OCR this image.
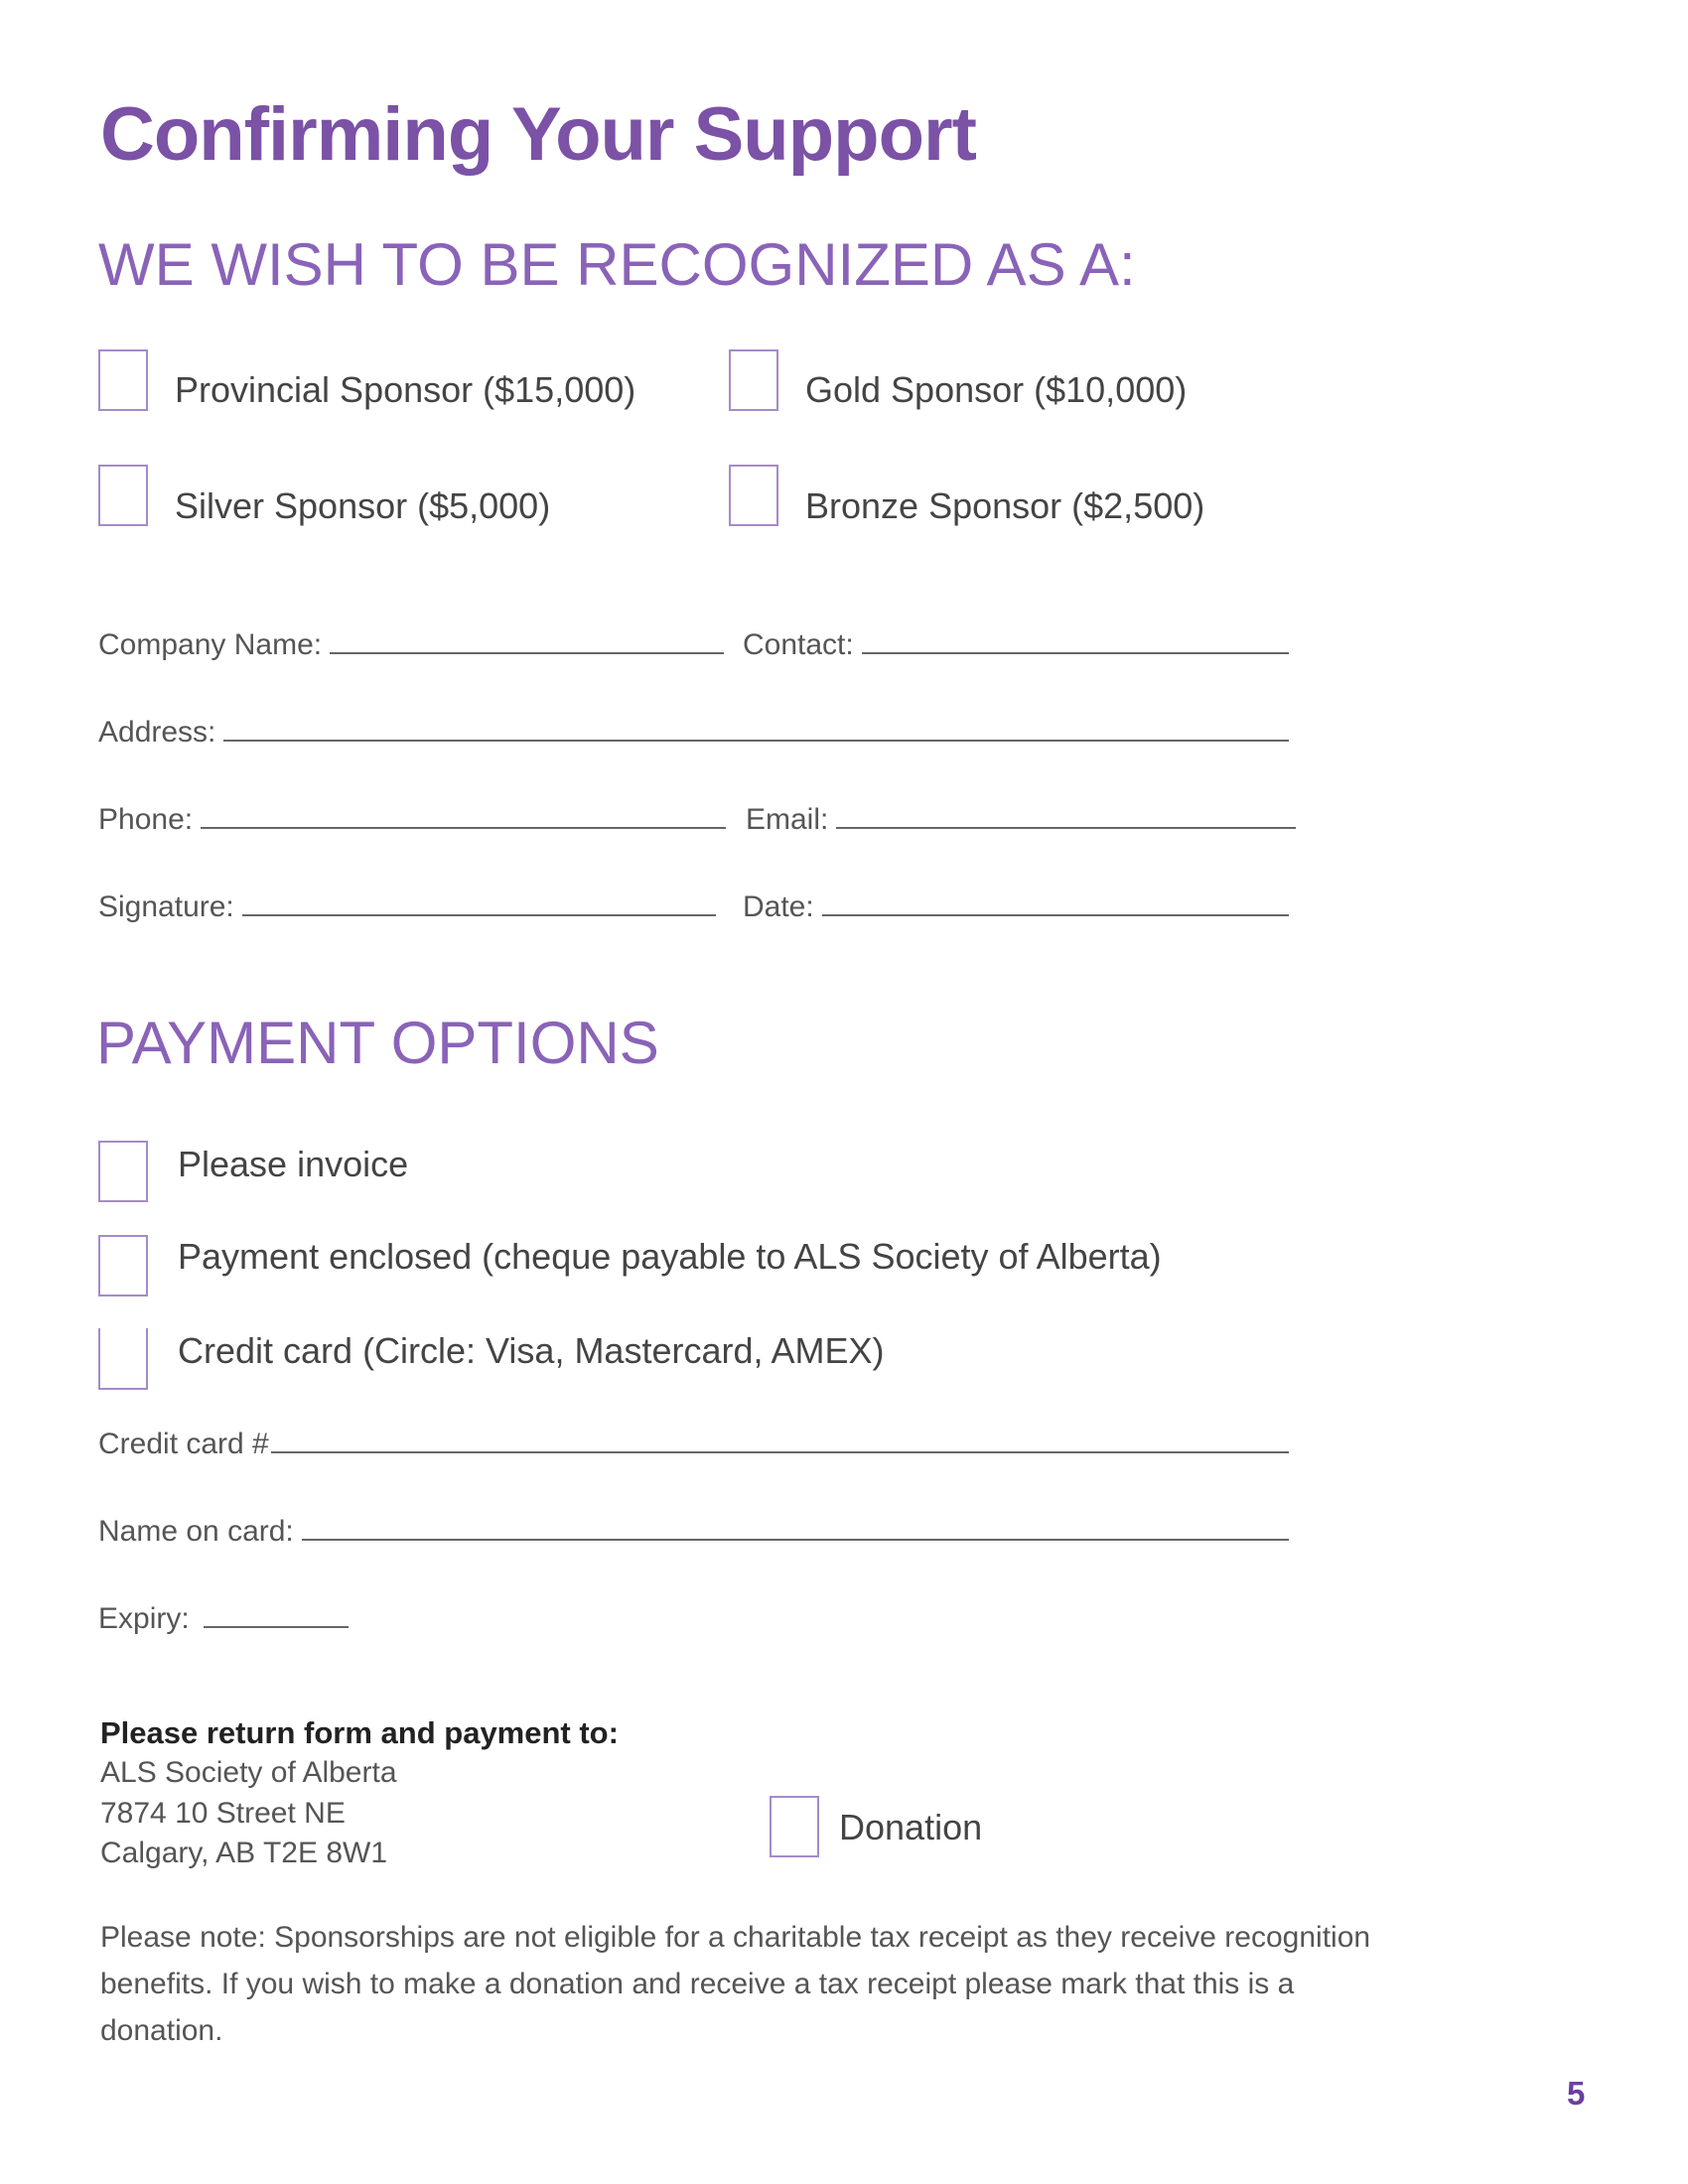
Confirming Your Support
WE WISH TO BE RECOGNIZED AS A:
Provincial Sponsor ($15,000)	Gold Sponsor ($10,000)
Silver Sponsor ($5,000)	Bronze Sponsor ($2,500)
Company Name:	Contact:
Address:
Phone:	Email:
Signature:	Date:
PAYMENT OPTIONS
Please invoice
Payment enclosed (cheque payable to ALS Society of Alberta)
Credit card (Circle: Visa, Mastercard, AMEX)
Credit card #
Name on card:
Expiry:
Please return form and payment to:
ALS Society of Alberta
7874 10 Street NE
Calgary, AB T2E 8W1
Donation
Please note: Sponsorships are not eligible for a charitable tax receipt as they receive recognition benefits. If you wish to make a donation and receive a tax receipt please mark that this is a donation.
5
